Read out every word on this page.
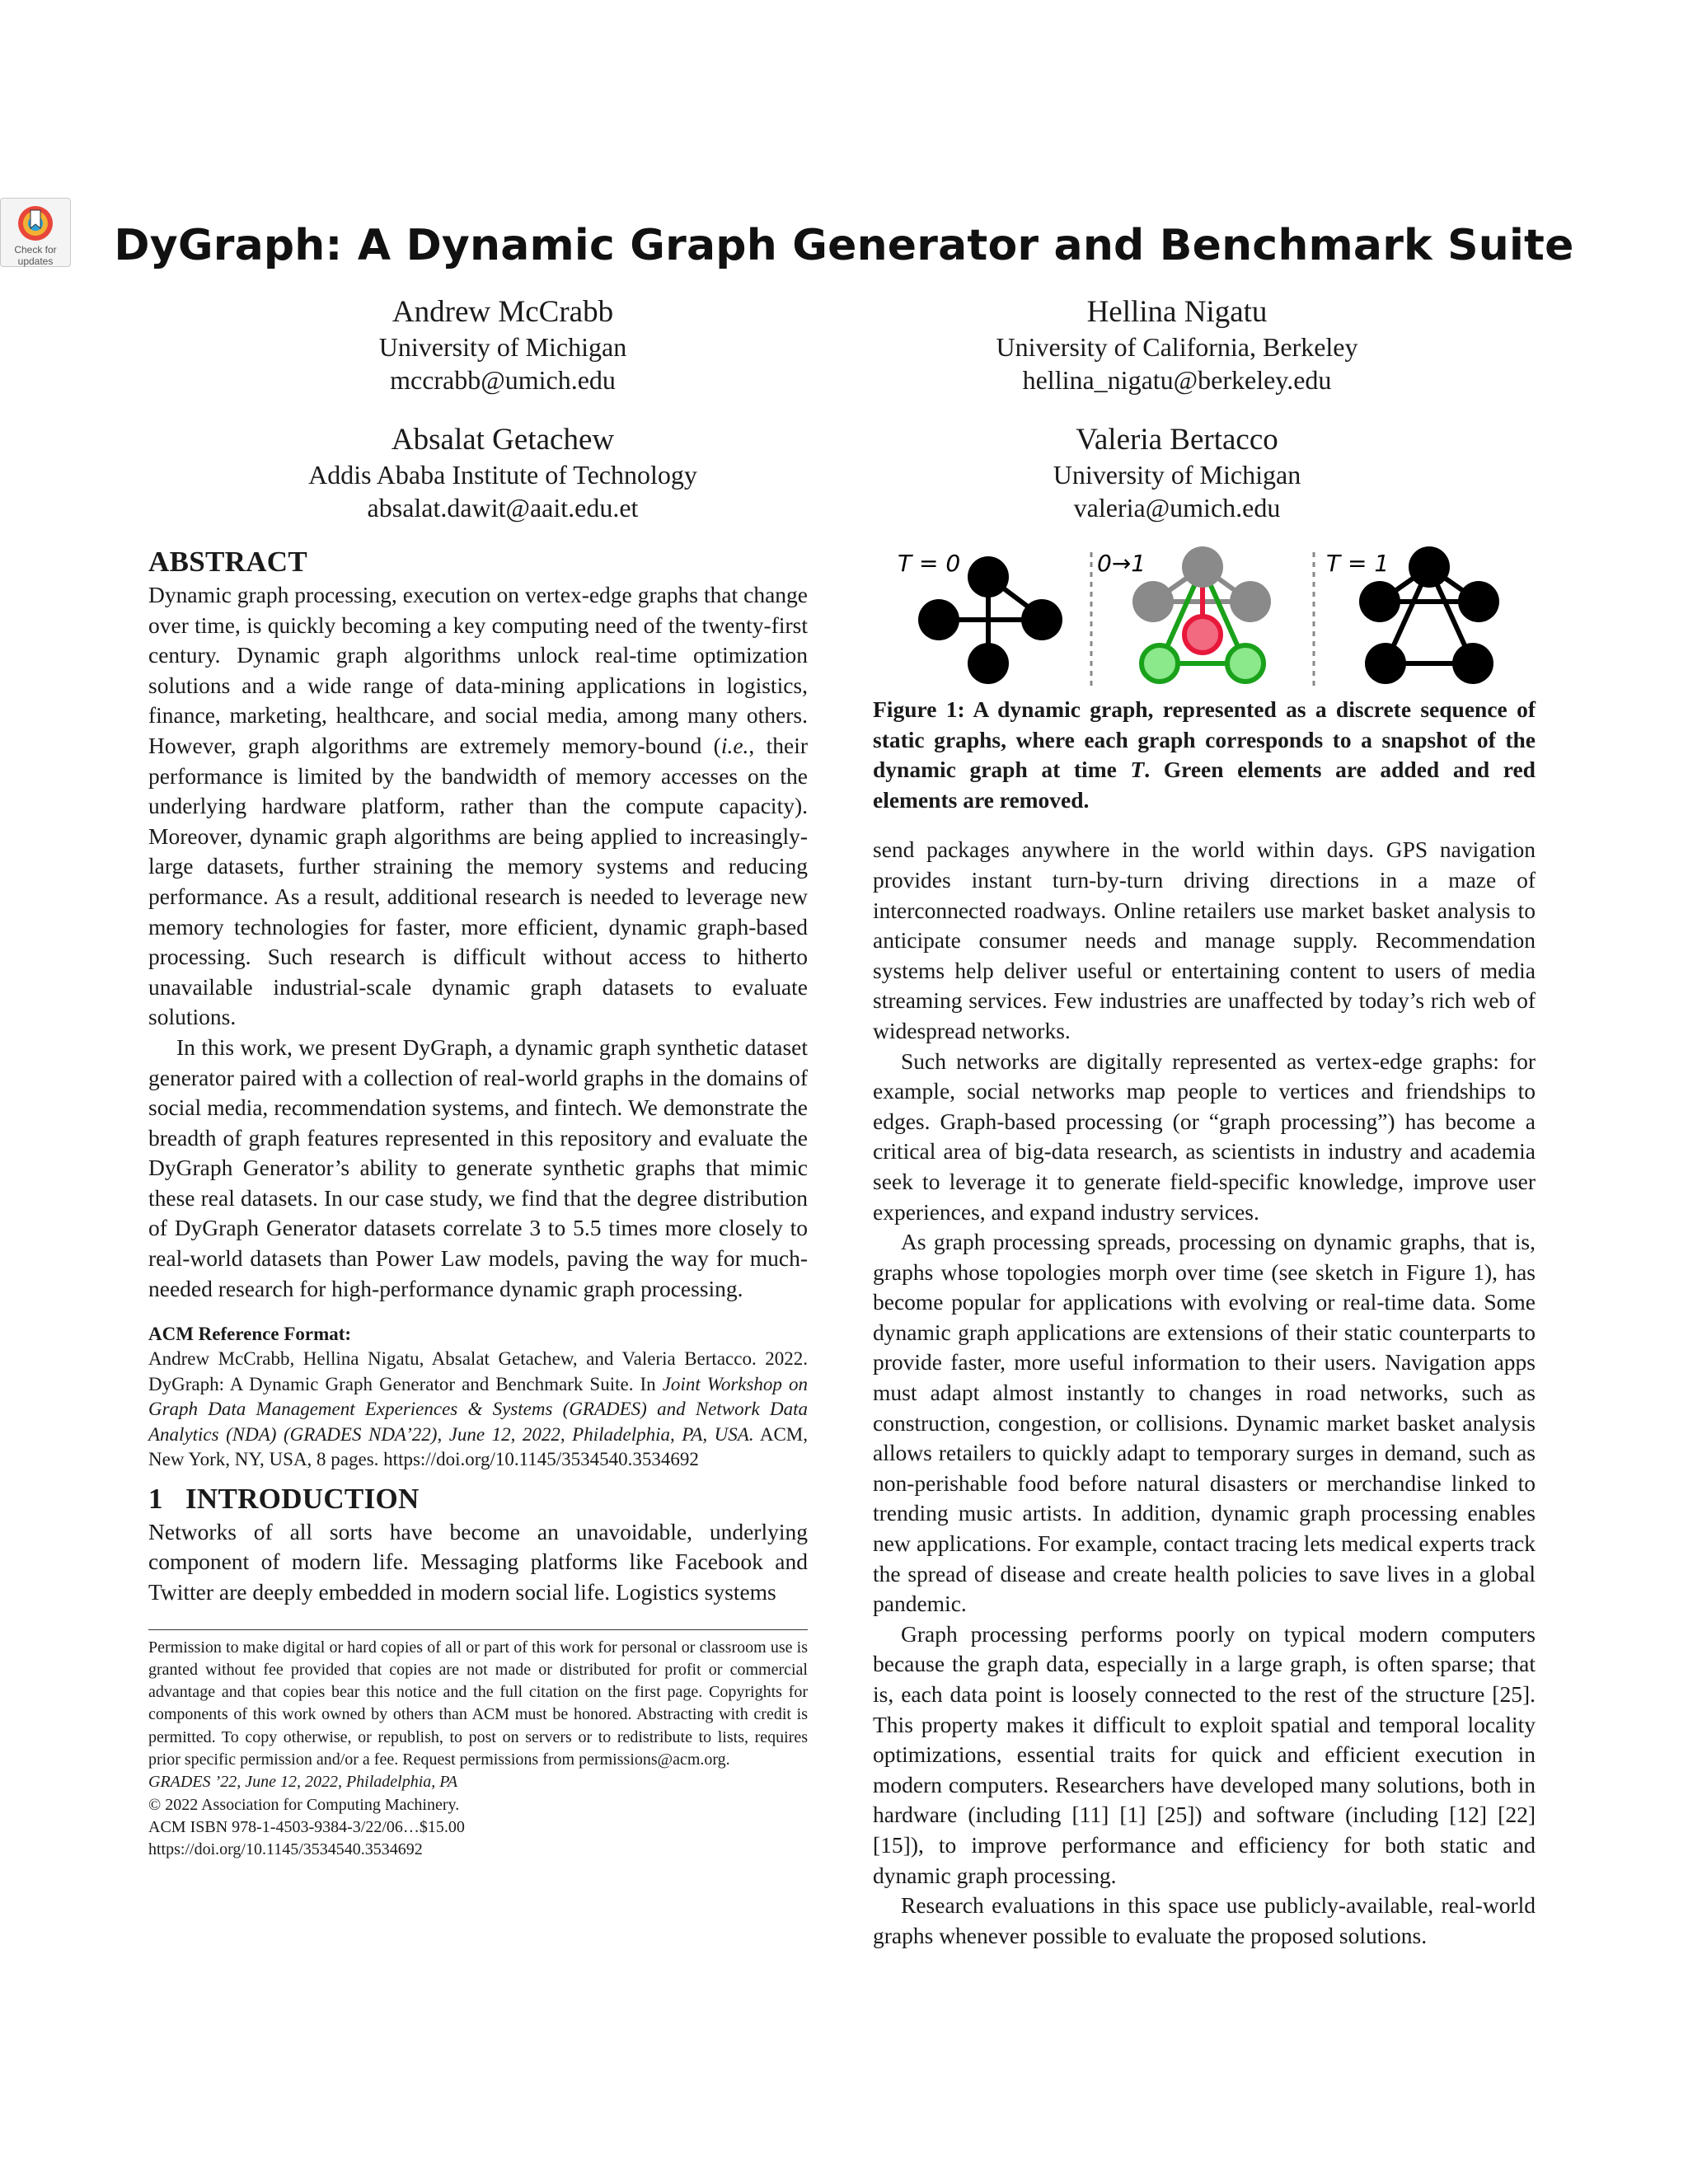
Check for
updates	DyGraph: A Dynamic Graph Generator and Benchmark Suite
Andrew McCrabb
University of Michigan
mccrabb@umich.edu
Hellina Nigatu
University of California, Berkeley
hellina_nigatu@berkeley.edu
Absalat Getachew
Addis Ababa Institute of Technology
absalat.dawit@aait.edu.et
Valeria Bertacco
University of Michigan
valeria@umich.edu
ABSTRACT

Dynamic graph processing, execution on vertex-edge graphs that change over time, is quickly becoming a key computing need of the twenty-first century. Dynamic graph algorithms unlock real-time optimization solutions and a wide range of data-mining applications in logistics, finance, marketing, healthcare, and social media, among many others. However, graph algorithms are extremely memory-bound (i.e., their performance is limited by the bandwidth of memory accesses on the underlying hardware platform, rather than the compute capacity). Moreover, dynamic graph algorithms are being applied to increasingly-large datasets, further straining the memory systems and reducing performance. As a result, additional research is needed to leverage new memory technologies for faster, more efficient, dynamic graph-based processing. Such research is difficult without access to hitherto unavailable industrial-scale dynamic graph datasets to evaluate solutions.

In this work, we present DyGraph, a dynamic graph synthetic dataset generator paired with a collection of real-world graphs in the domains of social media, recommendation systems, and fintech. We demonstrate the breadth of graph features represented in this repository and evaluate the DyGraph Generator’s ability to generate synthetic graphs that mimic these real datasets. In our case study, we find that the degree distribution of DyGraph Generator datasets correlate 3 to 5.5 times more closely to real-world datasets than Power Law models, paving the way for much-needed research for high-performance dynamic graph processing.

ACM Reference Format:

Andrew McCrabb, Hellina Nigatu, Absalat Getachew, and Valeria Bertacco. 2022. DyGraph: A Dynamic Graph Generator and Benchmark Suite. In Joint Workshop on Graph Data Management Experiences & Systems (GRADES) and Network Data Analytics (NDA) (GRADES NDA’22), June 12, 2022, Philadelphia, PA, USA. ACM, New York, NY, USA, 8 pages. https://doi.org/10.1145/3534540.3534692

1   INTRODUCTION

Networks of all sorts have become an unavoidable, underlying component of modern life. Messaging platforms like Facebook and Twitter are deeply embedded in modern social life. Logistics systems

Permission to make digital or hard copies of all or part of this work for personal or classroom use is granted without fee provided that copies are not made or distributed for profit or commercial advantage and that copies bear this notice and the full citation on the first page. Copyrights for components of this work owned by others than ACM must be honored. Abstracting with credit is permitted. To copy otherwise, or republish, to post on servers or to redistribute to lists, requires prior specific permission and/or a fee. Request permissions from permissions@acm.org.

GRADES ’22, June 12, 2022, Philadelphia, PA

© 2022 Association for Computing Machinery.

ACM ISBN 978-1-4503-9384-3/22/06…$15.00

https://doi.org/10.1145/3534540.3534692

T = 0	0→1	T = 1

Figure 1: A dynamic graph, represented as a discrete sequence of static graphs, where each graph corresponds to a snapshot of the dynamic graph at time T. Green elements are added and red elements are removed.

send packages anywhere in the world within days. GPS navigation provides instant turn-by-turn driving directions in a maze of interconnected roadways. Online retailers use market basket analysis to anticipate consumer needs and manage supply. Recommendation systems help deliver useful or entertaining content to users of media streaming services. Few industries are unaffected by today’s rich web of widespread networks.

Such networks are digitally represented as vertex-edge graphs: for example, social networks map people to vertices and friendships to edges. Graph-based processing (or “graph processing”) has become a critical area of big-data research, as scientists in industry and academia seek to leverage it to generate field-specific knowledge, improve user experiences, and expand industry services.

As graph processing spreads, processing on dynamic graphs, that is, graphs whose topologies morph over time (see sketch in Figure 1), has become popular for applications with evolving or real-time data. Some dynamic graph applications are extensions of their static counterparts to provide faster, more useful information to their users. Navigation apps must adapt almost instantly to changes in road networks, such as construction, congestion, or collisions. Dynamic market basket analysis allows retailers to quickly adapt to temporary surges in demand, such as non-perishable food before natural disasters or merchandise linked to trending music artists. In addition, dynamic graph processing enables new applications. For example, contact tracing lets medical experts track the spread of disease and create health policies to save lives in a global pandemic.

Graph processing performs poorly on typical modern computers because the graph data, especially in a large graph, is often sparse; that is, each data point is loosely connected to the rest of the structure [25]. This property makes it difficult to exploit spatial and temporal locality optimizations, essential traits for quick and efficient execution in modern computers. Researchers have developed many solutions, both in hardware (including [11] [1] [25]) and software (including [12] [22] [15]), to improve performance and efficiency for both static and dynamic graph processing.

Research evaluations in this space use publicly-available, real-world graphs whenever possible to evaluate the proposed solutions.
